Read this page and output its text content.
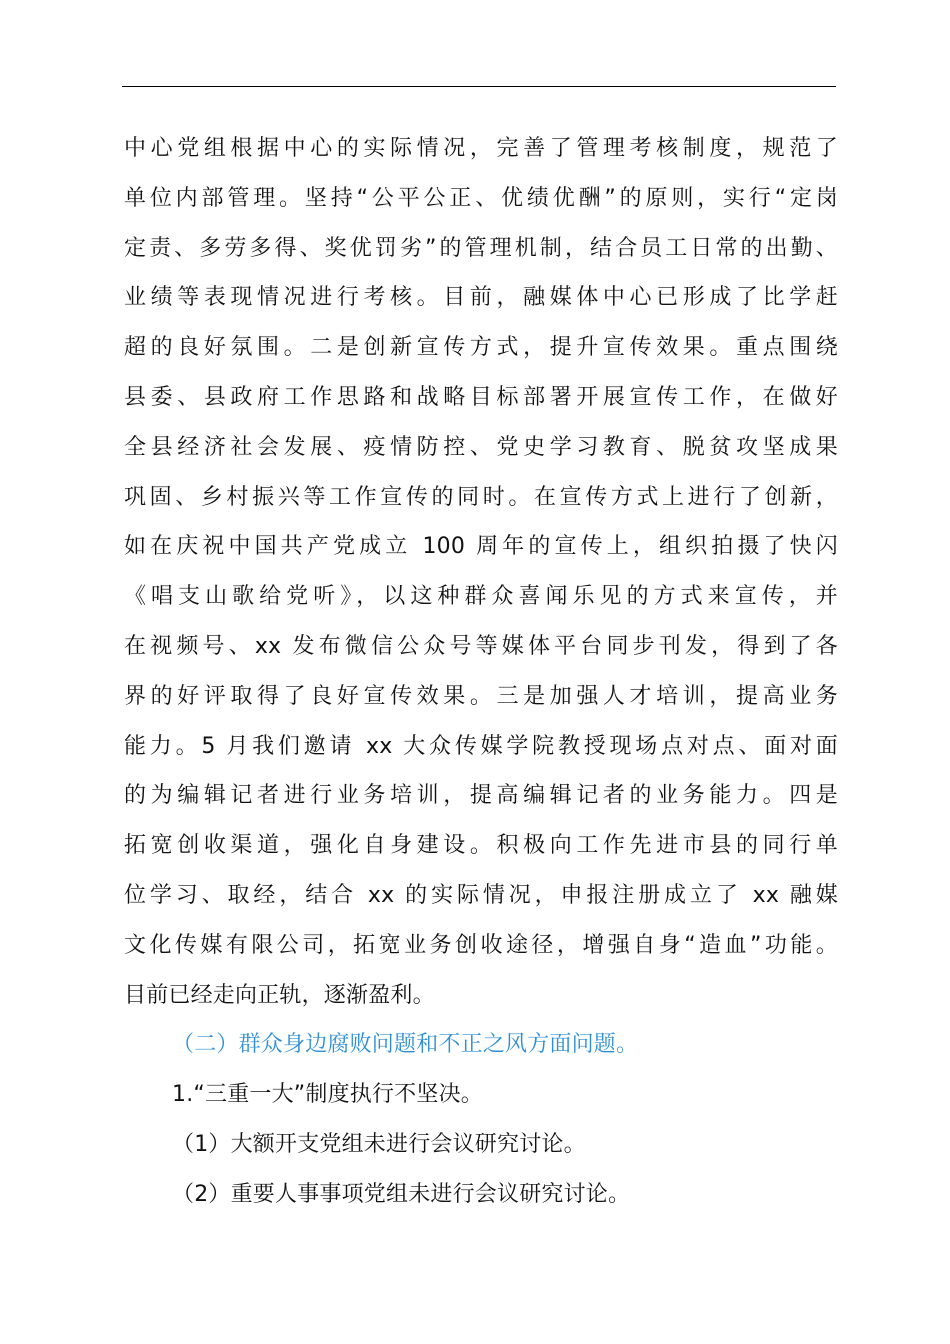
中心党组根据中心的实际情况，完善了管理考核制度，规范了
单位内部管理。坚持“公平公正、优绩优酬”的原则，实行“定岗
定责、多劳多得、奖优罚劣”的管理机制，结合员工日常的出勤、
业绩等表现情况进行考核。目前，融媒体中心已形成了比学赶
超的良好氛围。二是创新宣传方式，提升宣传效果。重点围绕
县委、县政府工作思路和战略目标部署开展宣传工作，在做好
全县经济社会发展、疫情防控、党史学习教育、脱贫攻坚成果
巩固、乡村振兴等工作宣传的同时。在宣传方式上进行了创新，
如在庆祝中国共产党成立 100 周年的宣传上，组织拍摄了快闪
《唱支山歌给党听》，以这种群众喜闻乐见的方式来宣传，并
在视频号、xx 发布微信公众号等媒体平台同步刊发，得到了各
界的好评取得了良好宣传效果。三是加强人才培训，提高业务
能力。5 月我们邀请 xx 大众传媒学院教授现场点对点、面对面
的为编辑记者进行业务培训，提高编辑记者的业务能力。四是
拓宽创收渠道，强化自身建设。积极向工作先进市县的同行单
位学习、取经，结合 xx 的实际情况，申报注册成立了 xx 融媒
文化传媒有限公司，拓宽业务创收途径，增强自身“造血”功能。
目前已经走向正轨，逐渐盈利。
（二）群众身边腐败问题和不正之风方面问题。
1.“三重一大”制度执行不坚决。
（1）大额开支党组未进行会议研究讨论。
（2）重要人事事项党组未进行会议研究讨论。
